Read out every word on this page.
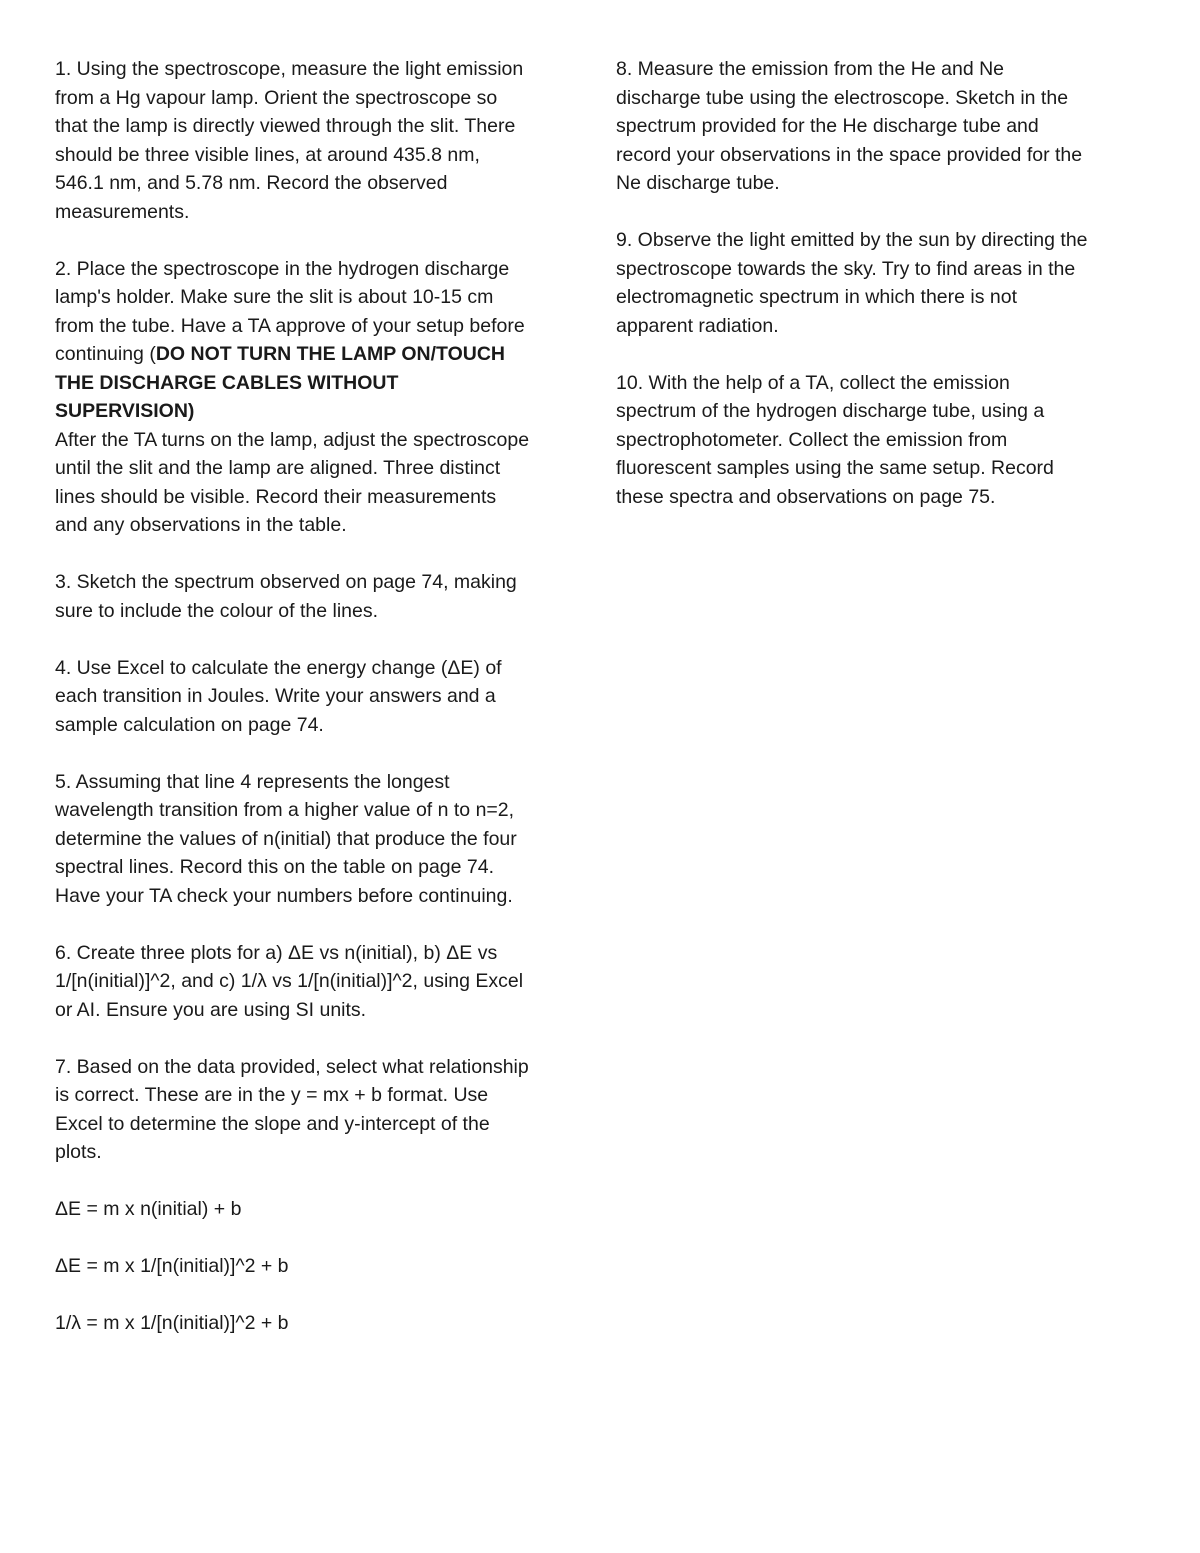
1. Using the spectroscope, measure the light emission
from a Hg vapour lamp. Orient the spectroscope so
that the lamp is directly viewed through the slit. There
should be three visible lines, at around 435.8 nm,
546.1 nm, and 5.78 nm. Record the observed
measurements.

2. Place the spectroscope in the hydrogen discharge
lamp's holder. Make sure the slit is about 10-15 cm
from the tube. Have a TA approve of your setup before
continuing (DO NOT TURN THE LAMP ON/TOUCH
THE DISCHARGE CABLES WITHOUT
SUPERVISION)
After the TA turns on the lamp, adjust the spectroscope
until the slit and the lamp are aligned. Three distinct
lines should be visible. Record their measurements
and any observations in the table.

3. Sketch the spectrum observed on page 74, making
sure to include the colour of the lines.

4. Use Excel to calculate the energy change (ΔE) of
each transition in Joules. Write your answers and a
sample calculation on page 74.

5. Assuming that line 4 represents the longest
wavelength transition from a higher value of n to n=2,
determine the values of n(initial) that produce the four
spectral lines. Record this on the table on page 74.
Have your TA check your numbers before continuing.

6. Create three plots for a) ΔE vs n(initial), b) ΔE vs
1/[n(initial)]^2, and c) 1/λ vs 1/[n(initial)]^2, using Excel
or AI. Ensure you are using SI units.

7. Based on the data provided, select what relationship
is correct. These are in the y = mx + b format. Use
Excel to determine the slope and y-intercept of the
plots.

ΔE = m x n(initial) + b

ΔE = m x 1/[n(initial)]^2 + b

1/λ = m x 1/[n(initial)]^2 + b

8. Measure the emission from the He and Ne
discharge tube using the electroscope. Sketch in the
spectrum provided for the He discharge tube and
record your observations in the space provided for the
Ne discharge tube.

9. Observe the light emitted by the sun by directing the
spectroscope towards the sky. Try to find areas in the
electromagnetic spectrum in which there is not
apparent radiation.

10. With the help of a TA, collect the emission
spectrum of the hydrogen discharge tube, using a
spectrophotometer. Collect the emission from
fluorescent samples using the same setup. Record
these spectra and observations on page 75.
